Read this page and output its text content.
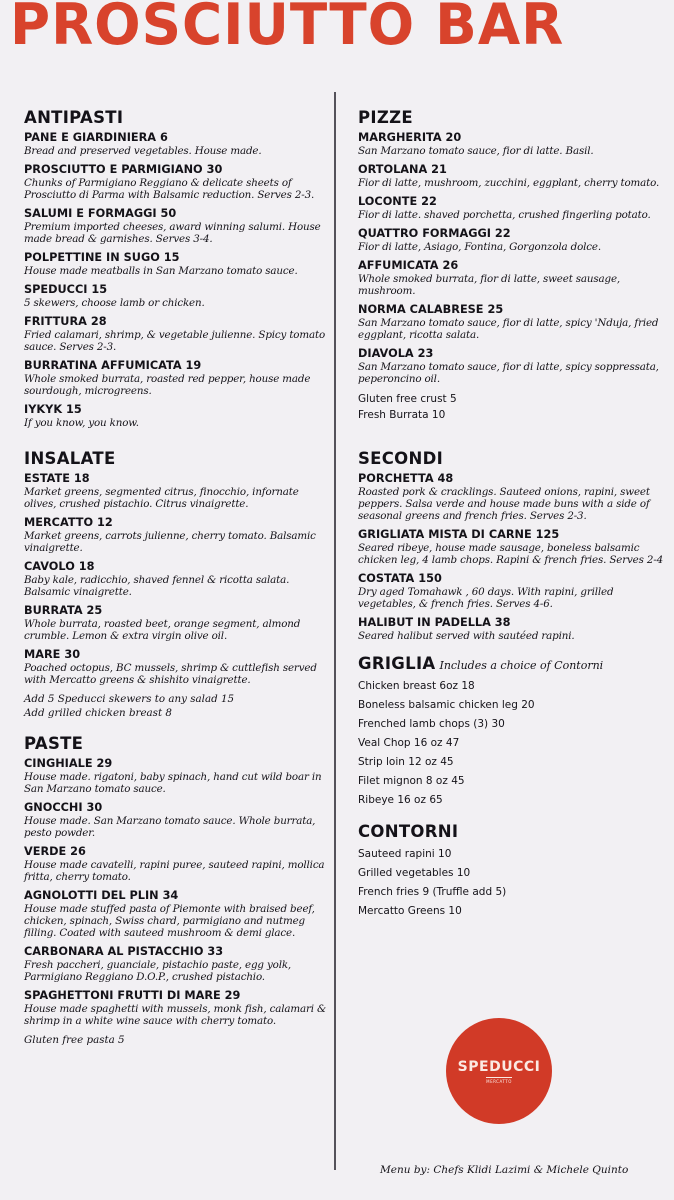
PROSCIUTTO BAR
ANTIPASTI
PANE E GIARDINIERA 6
Bread and preserved vegetables. House made.
PROSCIUTTO E PARMIGIANO 30
Chunks of Parmigiano Reggiano & delicate sheets of Prosciutto di Parma with Balsamic reduction. Serves 2-3.
SALUMI E FORMAGGI 50
Premium imported cheeses, award winning salumi. House made bread & garnishes. Serves 3-4.
POLPETTINE IN SUGO 15
House made meatballs in San Marzano tomato sauce.
SPEDUCCI 15
5 skewers, choose lamb or chicken.
FRITTURA 28
Fried calamari, shrimp, & vegetable julienne. Spicy tomato sauce. Serves 2-3.
BURRATINA AFFUMICATA 19
Whole smoked burrata, roasted red pepper, house made sourdough, microgreens.
IYKYK 15
If you know, you know.
INSALATE
ESTATE 18
Market greens, segmented citrus, finocchio, infornate olives, crushed pistachio. Citrus vinaigrette.
MERCATTO 12
Market greens, carrots julienne, cherry tomato. Balsamic vinaigrette.
CAVOLO 18
Baby kale, radicchio, shaved fennel & ricotta salata. Balsamic vinaigrette.
BURRATA 25
Whole burrata, roasted beet, orange segment, almond crumble. Lemon & extra virgin olive oil.
MARE 30
Poached octopus, BC mussels, shrimp & cuttlefish served with Mercatto greens & shishito vinaigrette.
Add 5 Speducci skewers to any salad 15
Add grilled chicken breast 8
PASTE
CINGHIALE 29
House made. rigatoni, baby spinach, hand cut wild boar in San Marzano tomato sauce.
GNOCCHI 30
House made. San Marzano tomato sauce. Whole burrata, pesto powder.
VERDE 26
House made cavatelli, rapini puree, sauteed rapini, mollica fritta, cherry tomato.
AGNOLOTTI DEL PLIN 34
House made stuffed pasta of Piemonte with braised beef, chicken, spinach, Swiss chard, parmigiano and nutmeg filling. Coated with sauteed mushroom & demi glace.
CARBONARA AL PISTACCHIO 33
Fresh paccheri, guanciale, pistachio paste, egg yolk, Parmigiano Reggiano D.O.P., crushed pistachio.
SPAGHETTONI FRUTTI DI MARE 29
House made spaghetti with mussels, monk fish, calamari & shrimp in a white wine sauce with cherry tomato.
Gluten free pasta 5
PIZZE
MARGHERITA 20
San Marzano tomato sauce, fior di latte. Basil.
ORTOLANA 21
Fior di latte, mushroom, zucchini, eggplant, cherry tomato.
LOCONTE 22
Fior di latte. shaved porchetta, crushed fingerling potato.
QUATTRO FORMAGGI 22
Fior di latte, Asiago, Fontina, Gorgonzola dolce.
AFFUMICATA 26
Whole smoked burrata, fior di latte, sweet sausage, mushroom.
NORMA CALABRESE 25
San Marzano tomato sauce, fior di latte, spicy 'Nduja, fried eggplant, ricotta salata.
DIAVOLA 23
San Marzano tomato sauce, fior di latte, spicy soppressata, peperoncino oil.
Gluten free crust 5
Fresh Burrata 10
SECONDI
PORCHETTA 48
Roasted pork & cracklings. Sauteed onions, rapini, sweet peppers. Salsa verde and house made buns with a side of seasonal greens and french fries. Serves 2-3.
GRIGLIATA MISTA DI CARNE 125
Seared ribeye, house made sausage, boneless balsamic chicken leg, 4 lamb chops. Rapini & french fries. Serves 2-4
COSTATA 150
Dry aged Tomahawk , 60 days. With rapini, grilled vegetables, & french fries. Serves 4-6.
HALIBUT IN PADELLA 38
Seared halibut served with sautéed rapini.
GRIGLIA Includes a choice of Contorni
Chicken breast 6oz 18
Boneless balsamic chicken leg 20
Frenched lamb chops (3) 30
Veal Chop 16 oz 47
Strip loin 12 oz 45
Filet mignon 8 oz 45
Ribeye 16 oz 65
CONTORNI
Sauteed rapini 10
Grilled vegetables 10
French fries 9 (Truffle add 5)
Mercatto Greens 10
SPEDUCCI
MERCATTO
Menu by: Chefs Klidi Lazimi & Michele Quinto
